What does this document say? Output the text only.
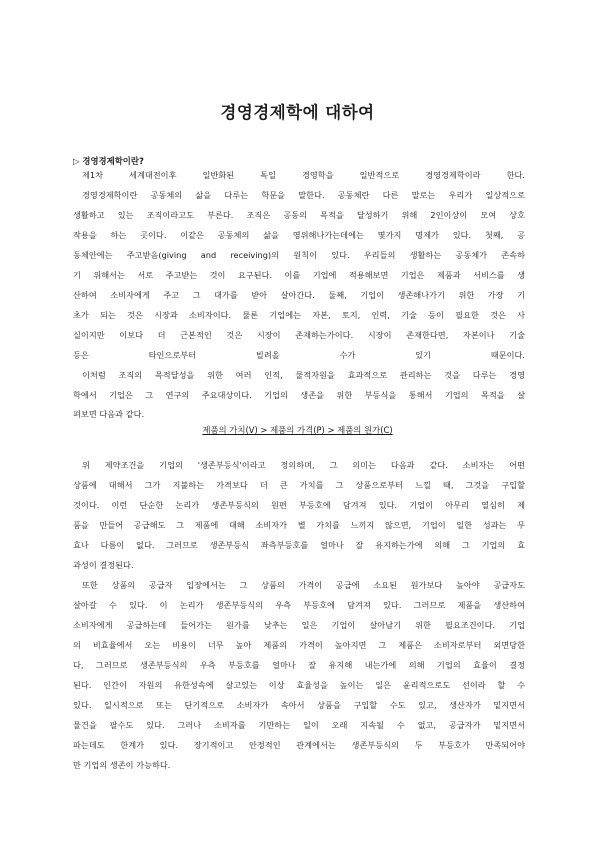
경영경제학에 대하여
▷ 경영경제학이란?
제1차 세계대전이후 일반화된 독일 경영학을 일반적으로 경영경제학이라 한다.
경영경제학이란 공동체의 삶을 다루는 학문을 말한다. 공동체란 다른 말로는 우리가 일상적으로
생활하고 있는 조직이라고도 부른다. 조직은 공동의 목적을 달성하기 위해 2인이상이 모여 상호
작용을 하는 곳이다. 이같은 공동체의 삶을 영위해나가는데에는 몇가지 명제가 있다. 첫째, 공
동체안에는 주고받음(giving and receiving)의 원칙이 있다. 우리들의 생활하는 공동체가 존속하
기 위해서는 서로 주고받는 것이 요구된다. 이를 기업에 적용해보면 기업은 제품과 서비스를 생
산하여 소비자에게 주고 그 대가를 받아 살아간다. 둘째, 기업이 생존해나가기 위한 가장 기
초가 되는 것은 시장과 소비자이다. 물론 기업에는 자본, 토지, 인력, 기술 등이 필요한 것은 사
실이지만 이보다 더 근본적인 것은 시장이 존재하는가이다. 시장이 존재한다면, 자본이나 기술
등은 타인으로부터 빌려올 수가 있기 때문이다.
이처럼 조직의 목적달성을 위한 여러 인적, 물적자원을 효과적으로 관리하는 것을 다루는 경영
학에서 기업은 그 연구의 주요대상이다. 기업의 생존을 위한 부등식을 통해서 기업의 목적을 살
펴보면 다음과 같다.
제품의 가치(V) > 제품의 가격(P) > 제품의 원가(C)
위 제약조건을 기업의 '생존부등식'이라고 정의하며, 그 의미는 다음과 같다. 소비자는 어떤
상품에 대해서 그가 지불하는 가격보다 더 큰 가치를 그 상품으로부터 느낄 때, 그것을 구입할
것이다. 이런 단순한 논리가 생존부등식의 원편 부등호에 담겨져 있다. 기업이 아무리 열심히 제
품을 만들어 공급해도 그 제품에 대해 소비자가 별 가치를 느끼지 않으면, 기업이 일한 성과는 무
효나 다름이 없다. 그러므로 생존부등식 좌측부등호를 얼마나 잘 유지하는가에 의해 그 기업의 효
과성이 결정된다.
또한 상품의 공급자 입장에서는 그 상품의 가격이 공급에 소요된 원가보다 높아야 공급자도
살아갈 수 있다. 이 논리가 생존부등식의 우측 부등호에 담겨져 있다. 그러므로 제품을 생산하여
소비자에게 공급하는데 들어가는 원가를 낮추는 일은 기업이 살아남기 위한 필요조건이다. 기업
의 비효율에서 오는 비용이 너무 높아 제품의 가격이 높아지면 그 제품은 소비자로부터 외면당한
다, 그러므로 생존부등식의 우측 부등호를 얼마나 잘 유지해 내는가에 의해 기업의 효율이 결정
된다. 인간이 자원의 유한성속에 살고있는 이상 효율성을 높이는 일은 윤리적으로도 선이라 할 수
있다. 일시적으로 또는 단기적으로 소비자가 속아서 상품을 구입할 수도 있고, 생산자가 밑지면서
물건을 팔수도 있다. 그러나 소비자를 기만하는 일이 오래 지속될 수 없고, 공급자가 밑지면서
파는데도 한계가 있다. 장기적이고 안정적인 관계에서는 생존부등식의 두 부등호가 만족되어야
만 기업의 생존이 가능하다.
